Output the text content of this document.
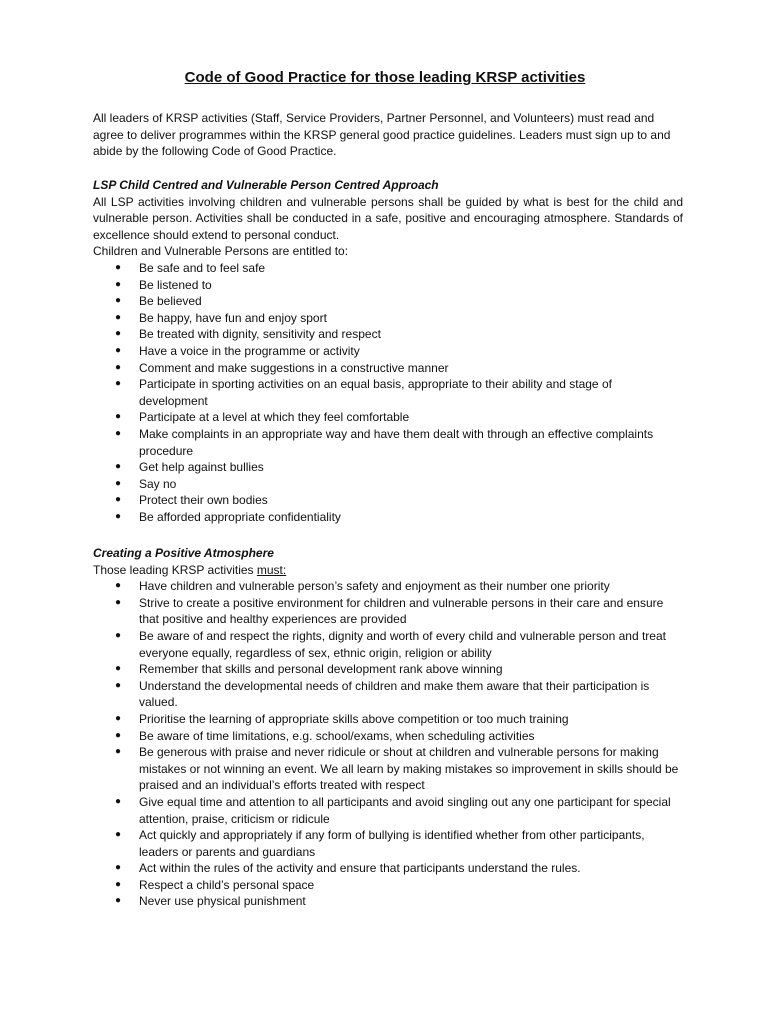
Code of Good Practice for those leading KRSP activities

All leaders of KRSP activities (Staff, Service Providers, Partner Personnel, and Volunteers) must read and agree to deliver programmes within the KRSP general good practice guidelines. Leaders must sign up to and abide by the following Code of Good Practice.

LSP Child Centred and Vulnerable Person Centred Approach

All LSP activities involving children and vulnerable persons shall be guided by what is best for the child and vulnerable person. Activities shall be conducted in a safe, positive and encouraging atmosphere. Standards of excellence should extend to personal conduct.

Children and Vulnerable Persons are entitled to:

● Be safe and to feel safe
● Be listened to
● Be believed
● Be happy, have fun and enjoy sport
● Be treated with dignity, sensitivity and respect
● Have a voice in the programme or activity
● Comment and make suggestions in a constructive manner
● Participate in sporting activities on an equal basis, appropriate to their ability and stage of development
● Participate at a level at which they feel comfortable
● Make complaints in an appropriate way and have them dealt with through an effective complaints procedure
● Get help against bullies
● Say no
● Protect their own bodies
● Be afforded appropriate confidentiality

Creating a Positive Atmosphere

Those leading KRSP activities must:

● Have children and vulnerable person’s safety and enjoyment as their number one priority
● Strive to create a positive environment for children and vulnerable persons in their care and ensure that positive and healthy experiences are provided
● Be aware of and respect the rights, dignity and worth of every child and vulnerable person and treat everyone equally, regardless of sex, ethnic origin, religion or ability
● Remember that skills and personal development rank above winning
● Understand the developmental needs of children and make them aware that their participation is valued.
● Prioritise the learning of appropriate skills above competition or too much training
● Be aware of time limitations, e.g. school/exams, when scheduling activities
● Be generous with praise and never ridicule or shout at children and vulnerable persons for making mistakes or not winning an event. We all learn by making mistakes so improvement in skills should be praised and an individual’s efforts treated with respect
● Give equal time and attention to all participants and avoid singling out any one participant for special attention, praise, criticism or ridicule
● Act quickly and appropriately if any form of bullying is identified whether from other participants, leaders or parents and guardians
● Act within the rules of the activity and ensure that participants understand the rules.
● Respect a child’s personal space
● Never use physical punishment
